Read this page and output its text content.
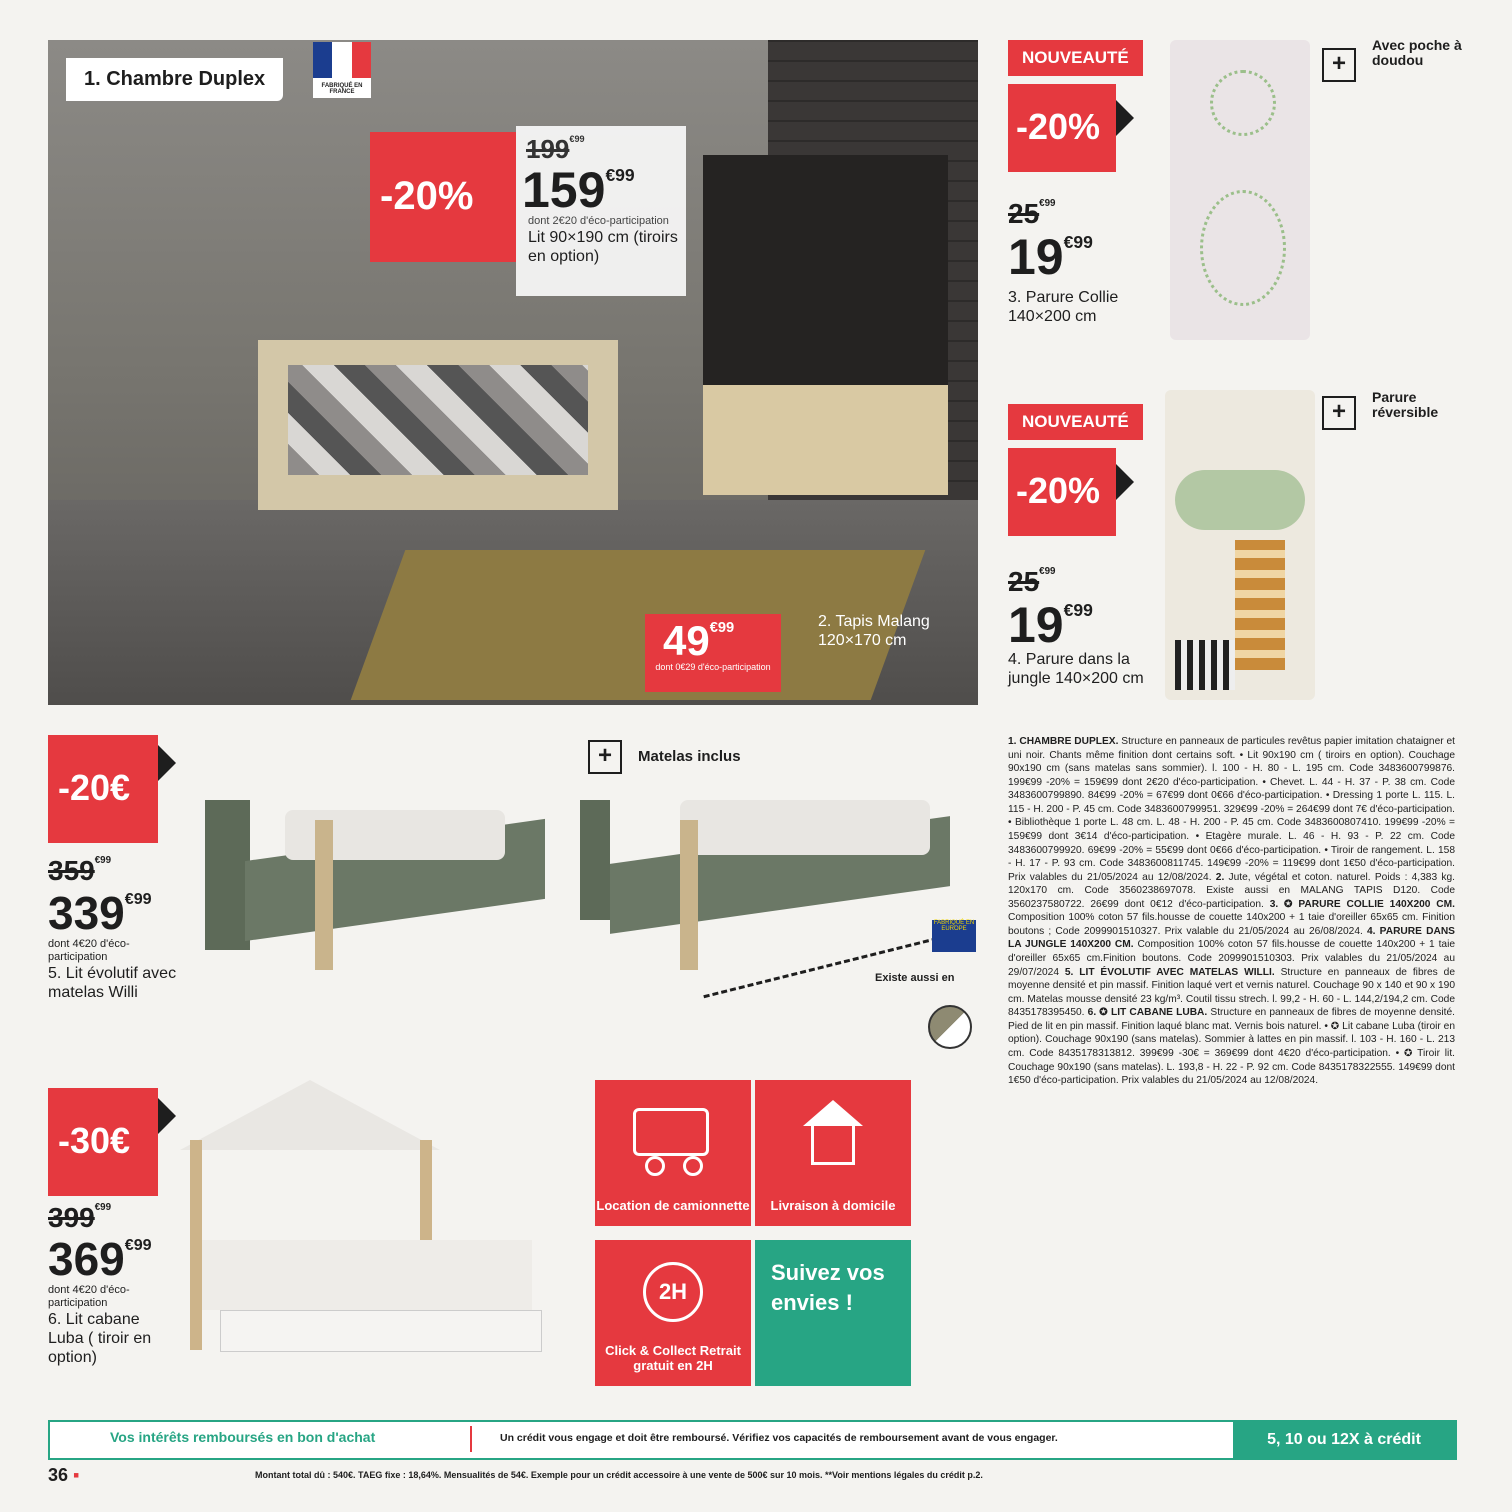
1. Chambre Duplex	FABRIQUÉ EN FRANCE
-20%
199€99
159€99
dont 2€20 d'éco-participation
Lit 90×190 cm (tiroirs en option)
49€99
dont 0€29 d'éco-participation
2. Tapis Malang 120×170 cm
NOUVEAUTÉ
-20%
25€99
19€99
3. Parure Collie 140×200 cm
+
Avec poche à doudou
NOUVEAUTÉ
-20%
25€99
19€99
4. Parure dans la jungle 140×200 cm
+
Parure réversible
-20€
359€99
339€99
dont 4€20 d'éco-participation
5. Lit évolutif avec matelas Willi
+	Matelas inclus
FABRIQUÉ EN EUROPE
Existe aussi en
-30€
399€99
369€99
dont 4€20 d'éco-participation
6. Lit cabane Luba ( tiroir en option)
Location de camionnette	Livraison à domicile
2H
Click & Collect Retrait gratuit en 2H
Suivez vos envies !
1. CHAMBRE DUPLEX. Structure en panneaux de particules revêtus papier imitation chataigner et uni noir. Chants même finition dont certains soft. • Lit 90x190 cm ( tiroirs en option). Couchage 90x190 cm (sans matelas sans sommier). l. 100 - H. 80 - L. 195 cm. Code 3483600799876. 199€99 -20% = 159€99 dont 2€20 d'éco-participation. • Chevet. L. 44 - H. 37 - P. 38 cm. Code 3483600799890. 84€99 -20% = 67€99 dont 0€66 d'éco-participation. • Dressing 1 porte L. 115. L. 115 - H. 200 - P. 45 cm. Code 3483600799951. 329€99 -20% = 264€99 dont 7€ d'éco-participation. • Bibliothèque 1 porte L. 48 cm. L. 48 - H. 200 - P. 45 cm. Code 3483600807410. 199€99 -20% = 159€99 dont 3€14 d'éco-participation. • Etagère murale. L. 46 - H. 93 - P. 22 cm. Code 3483600799920. 69€99 -20% = 55€99 dont 0€66 d'éco-participation. • Tiroir de rangement. L. 158 - H. 17 - P. 93 cm. Code 3483600811745. 149€99 -20% = 119€99 dont 1€50 d'éco-participation. Prix valables du 21/05/2024 au 12/08/2024. 2. Jute, végétal et coton. naturel. Poids : 4,383 kg. 120x170 cm. Code 3560238697078. Existe aussi en MALANG TAPIS D120. Code 3560237580722. 26€99 dont 0€12 d'éco-participation. 3. ✪ PARURE COLLIE 140X200 CM. Composition 100% coton 57 fils.housse de couette 140x200 + 1 taie d'oreiller 65x65 cm. Finition boutons ; Code 2099901510327. Prix valable du 21/05/2024 au 26/08/2024. 4. PARURE DANS LA JUNGLE 140X200 CM. Composition 100% coton 57 fils.housse de couette 140x200 + 1 taie d'oreiller 65x65 cm.Finition boutons. Code 2099901510303. Prix valables du 21/05/2024 au 29/07/2024 5. LIT ÉVOLUTIF AVEC MATELAS WILLI. Structure en panneaux de fibres de moyenne densité et pin massif. Finition laqué vert et vernis naturel. Couchage 90 x 140 et 90 x 190 cm. Matelas mousse densité 23 kg/m³. Coutil tissu strech. l. 99,2 - H. 60 - L. 144,2/194,2 cm. Code 8435178395450. 6. ✪ LIT CABANE LUBA. Structure en panneaux de fibres de moyenne densité. Pied de lit en pin massif. Finition laqué blanc mat. Vernis bois naturel. • ✪ Lit cabane Luba (tiroir en option). Couchage 90x190 (sans matelas). Sommier à lattes en pin massif. l. 103 - H. 160 - L. 213 cm. Code 8435178313812. 399€99 -30€ = 369€99 dont 4€20 d'éco-participation. • ✪ Tiroir lit. Couchage 90x190 (sans matelas). L. 193,8 - H. 22 - P. 92 cm. Code 8435178322555. 149€99 dont 1€50 d'éco-participation. Prix valables du 21/05/2024 au 12/08/2024.
Vos intérêts remboursés en bon d'achat	Un crédit vous engage et doit être remboursé. Vérifiez vos capacités de remboursement avant de vous engager.	5, 10 ou 12X à crédit
36 ▪	Montant total dû : 540€. TAEG fixe : 18,64%. Mensualités de 54€. Exemple pour un crédit accessoire à une vente de 500€ sur 10 mois. **Voir mentions légales du crédit p.2.
